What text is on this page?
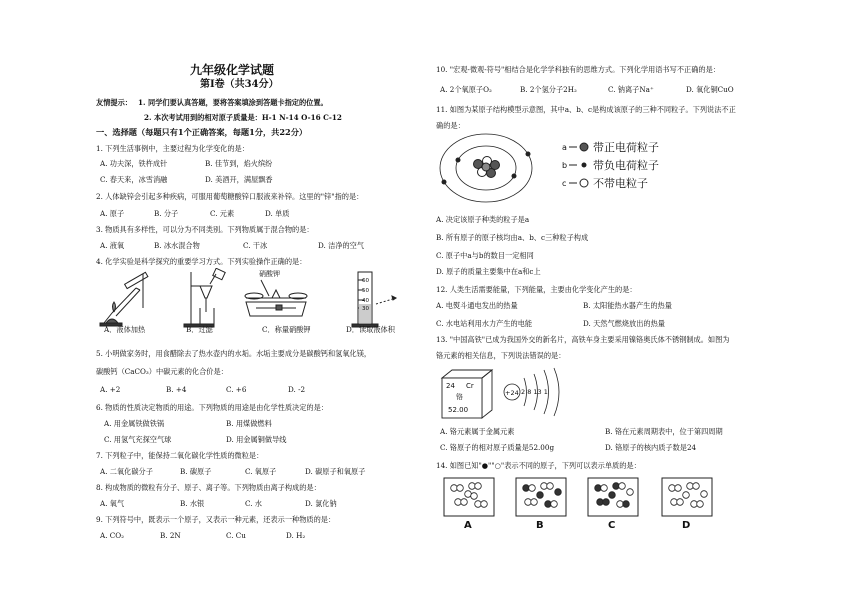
九年级化学试题
第Ⅰ卷（共34分）
友情提示： 1. 同学们要认真答题，要将答案填涂到答题卡指定的位置。
2. 本次考试用到的相对原子质量是：H-1 N-14 O-16 C-12
一、选择题（每题只有1个正确答案，每题1分，共22分）
1. 下列生活事例中，主要过程为化学变化的是：
A. 功夫深，铁杵成针	B. 佳节到，焰火缤纷
C. 春天来，冰雪消融	D. 美酒开，满屋飘香
2. 人体缺锌会引起多种疾病，可服用葡萄糖酸锌口服液来补锌。这里的"锌"指的是：
A. 原子	B. 分子	C. 元素	D. 单质
3. 物质具有多样性，可以分为不同类别。下列物质属于混合物的是：
A. 液氧	B. 冰水混合物	C. 干冰	D. 洁净的空气
4. 化学实验是科学探究的重要学习方式。下列实验操作正确的是：
硝酸钾
60
50
40
30
A．液体加热	B．过滤	C．称量硝酸钾	D．读取液体积
5. 小明做家务时，用食醋除去了热水壶内的水垢。水垢主要成分是碳酸钙和氢氧化镁，
碳酸钙（CaCO₃）中碳元素的化合价是：
A. +2	B. +4	C. +6	D. -2
6. 物质的性质决定物质的用途。下列物质的用途是由化学性质决定的是：
A. 用金属铁做铁锅	B. 用煤做燃料
C. 用氢气充探空气球	D. 用金属铜做导线
7. 下列粒子中，能保持二氧化碳化学性质的微粒是：
A. 二氧化碳分子	B. 碳原子	C. 氧原子	D. 碳原子和氧原子
8. 构成物质的微粒有分子、原子、离子等。下列物质由离子构成的是：
A. 氧气	B. 水银	C. 水	D. 氯化钠
9. 下列符号中，既表示一个原子，又表示一种元素，还表示一种物质的是：
A. CO₂	B. 2N	C. Cu	D. H₂
10. "宏观-微观-符号"相结合是化学学科独有的思维方式。下列化学用语书写不正确的是：
A. 2个氧原子O₂	B. 2个氢分子2H₂	C. 钠离子Na⁺	D. 氧化铜CuO
11. 如图为某原子结构模型示意图，其中a、b、c是构成该原子的三种不同粒子。下列说法不正
确的是：
a 带正电荷粒子
b 带负电荷粒子
c 不带电粒子
A. 决定该原子种类的粒子是a
B. 所有原子的原子核均由a、b、c三种粒子构成
C. 原子中a与b的数目一定相同
D. 原子的质量主要集中在a和c上
12. 人类生活需要能量，下列能量，主要由化学变化产生的是：
A. 电熨斗通电发出的热量	B. 太阳能热水器产生的热量
C. 水电站利用水力产生的电能	D. 天然气燃烧放出的热量
13. "中国高铁"已成为我国外交的新名片，高铁车身主要采用镍铬奥氏体不锈钢制成。如图为
铬元素的相关信息，下列说法错误的是：
24 Cr
铬
52.00
+24 2 8 13 1
A. 铬元素属于金属元素	B. 铬在元素周期表中，位于第四周期
C. 铬原子的相对原子质量是52.00g	D. 铬原子的核内质子数是24
14. 如图已知"●""○"表示不同的原子，下列可以表示单质的是：
A	B	C	D
